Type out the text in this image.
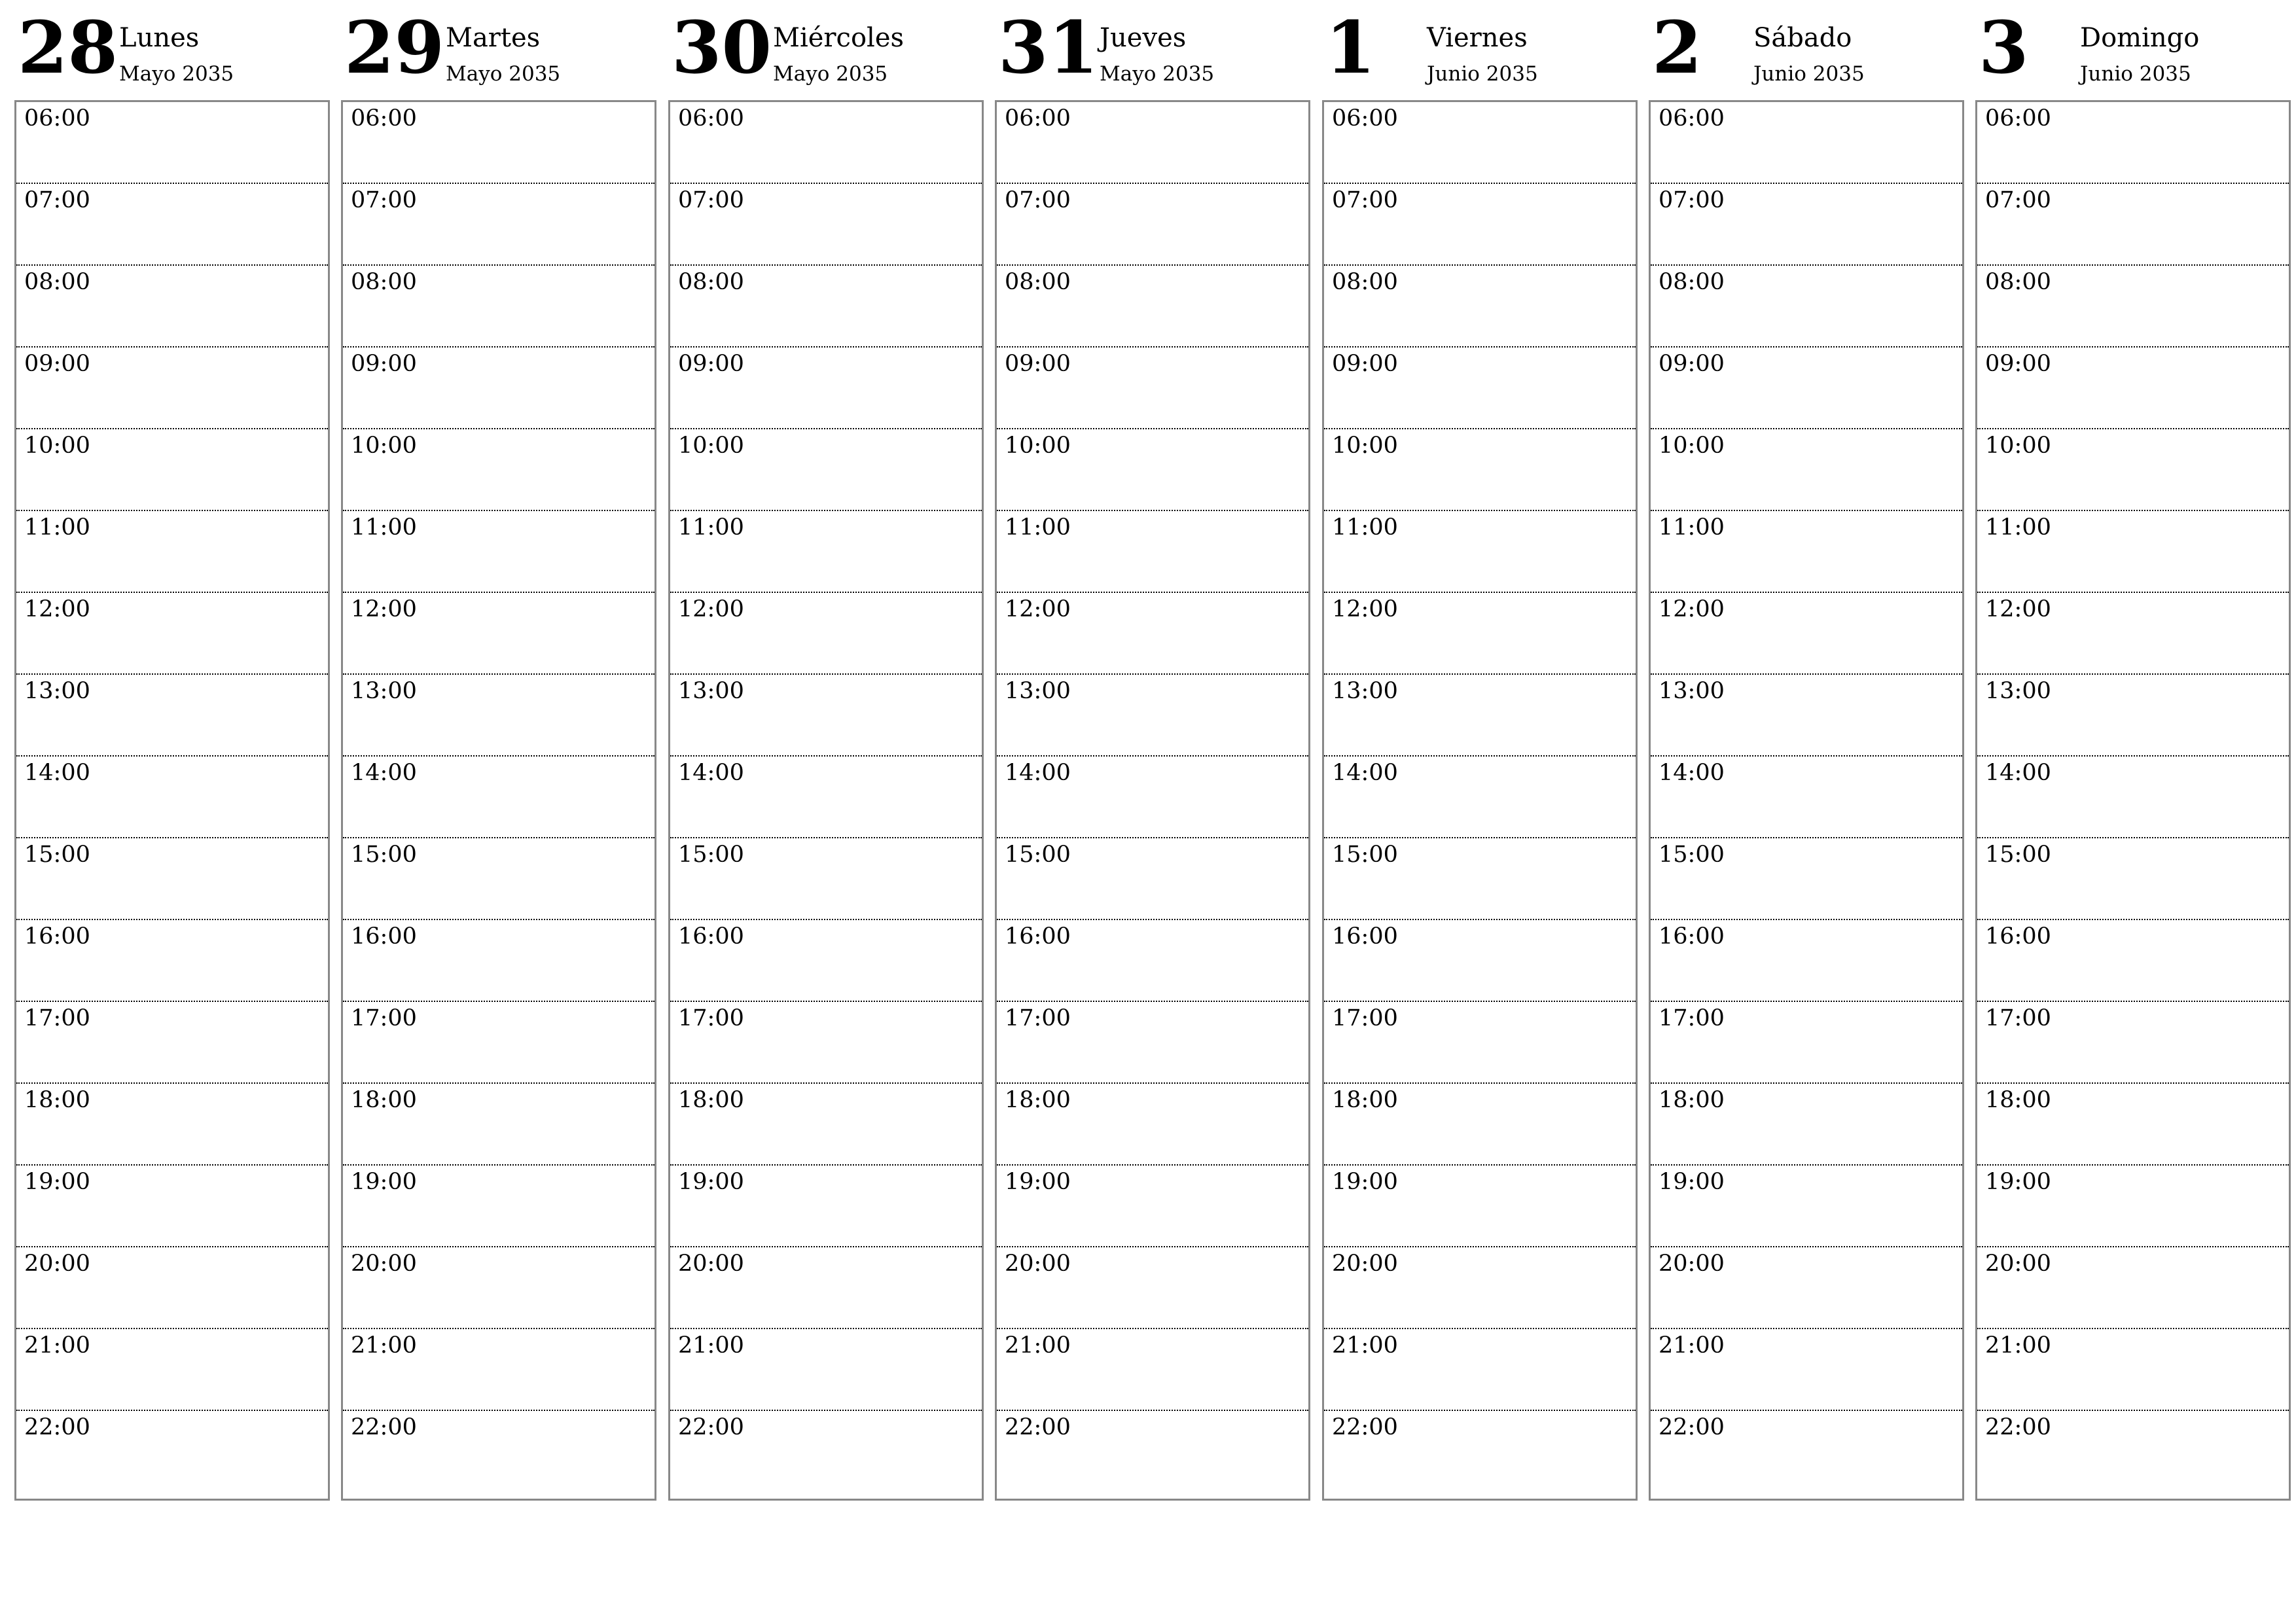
28 Lunes
Mayo 2035
06:00
07:00
08:00
09:00
10:00
11:00
12:00
13:00
14:00
15:00
16:00
17:00
18:00
19:00
20:00
21:00
22:00
29 Martes
Mayo 2035
06:00
07:00
08:00
09:00
10:00
11:00
12:00
13:00
14:00
15:00
16:00
17:00
18:00
19:00
20:00
21:00
22:00
30 Miércoles
Mayo 2035
06:00
07:00
08:00
09:00
10:00
11:00
12:00
13:00
14:00
15:00
16:00
17:00
18:00
19:00
20:00
21:00
22:00
31 Jueves
Mayo 2035
06:00
07:00
08:00
09:00
10:00
11:00
12:00
13:00
14:00
15:00
16:00
17:00
18:00
19:00
20:00
21:00
22:00
1 Viernes
Junio 2035
06:00
07:00
08:00
09:00
10:00
11:00
12:00
13:00
14:00
15:00
16:00
17:00
18:00
19:00
20:00
21:00
22:00
2 Sábado
Junio 2035
06:00
07:00
08:00
09:00
10:00
11:00
12:00
13:00
14:00
15:00
16:00
17:00
18:00
19:00
20:00
21:00
22:00
3 Domingo
Junio 2035
06:00
07:00
08:00
09:00
10:00
11:00
12:00
13:00
14:00
15:00
16:00
17:00
18:00
19:00
20:00
21:00
22:00
